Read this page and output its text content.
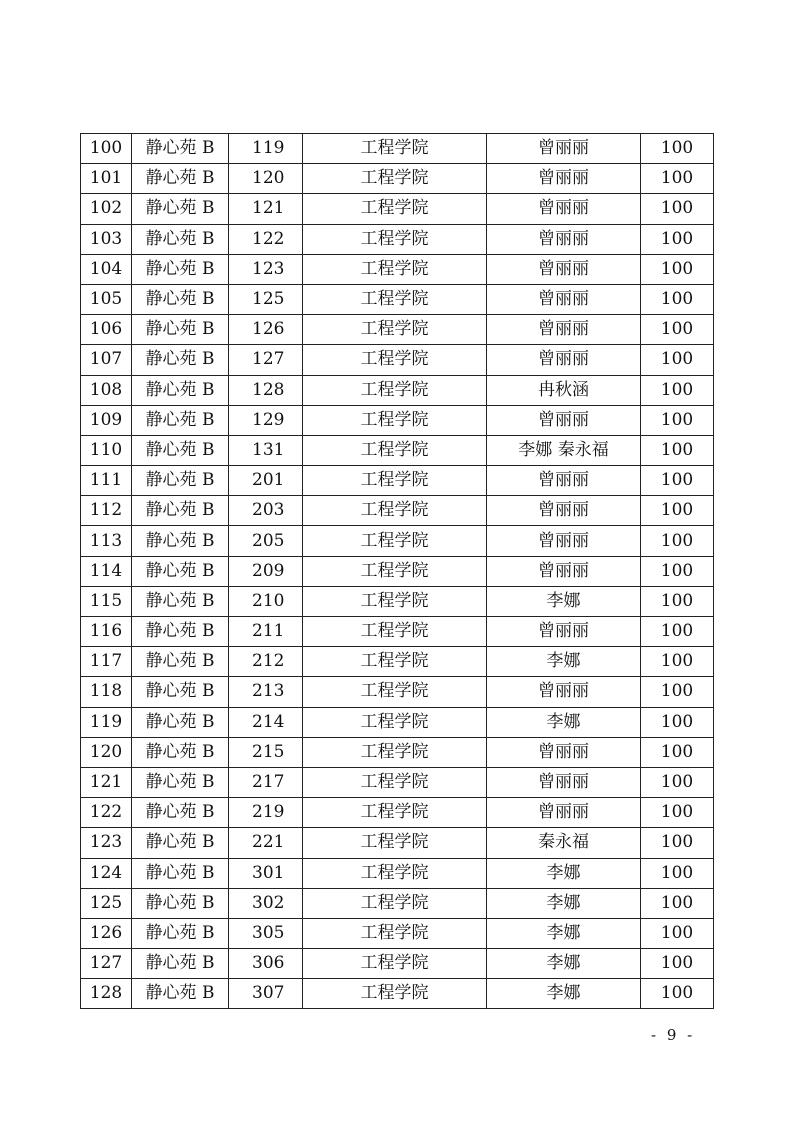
100	静心苑 B	119	工程学院	曾丽丽	100
101	静心苑 B	120	工程学院	曾丽丽	100
102	静心苑 B	121	工程学院	曾丽丽	100
103	静心苑 B	122	工程学院	曾丽丽	100
104	静心苑 B	123	工程学院	曾丽丽	100
105	静心苑 B	125	工程学院	曾丽丽	100
106	静心苑 B	126	工程学院	曾丽丽	100
107	静心苑 B	127	工程学院	曾丽丽	100
108	静心苑 B	128	工程学院	冉秋涵	100
109	静心苑 B	129	工程学院	曾丽丽	100
110	静心苑 B	131	工程学院	李娜 秦永福	100
111	静心苑 B	201	工程学院	曾丽丽	100
112	静心苑 B	203	工程学院	曾丽丽	100
113	静心苑 B	205	工程学院	曾丽丽	100
114	静心苑 B	209	工程学院	曾丽丽	100
115	静心苑 B	210	工程学院	李娜	100
116	静心苑 B	211	工程学院	曾丽丽	100
117	静心苑 B	212	工程学院	李娜	100
118	静心苑 B	213	工程学院	曾丽丽	100
119	静心苑 B	214	工程学院	李娜	100
120	静心苑 B	215	工程学院	曾丽丽	100
121	静心苑 B	217	工程学院	曾丽丽	100
122	静心苑 B	219	工程学院	曾丽丽	100
123	静心苑 B	221	工程学院	秦永福	100
124	静心苑 B	301	工程学院	李娜	100
125	静心苑 B	302	工程学院	李娜	100
126	静心苑 B	305	工程学院	李娜	100
127	静心苑 B	306	工程学院	李娜	100
128	静心苑 B	307	工程学院	李娜	100
- 9 -
